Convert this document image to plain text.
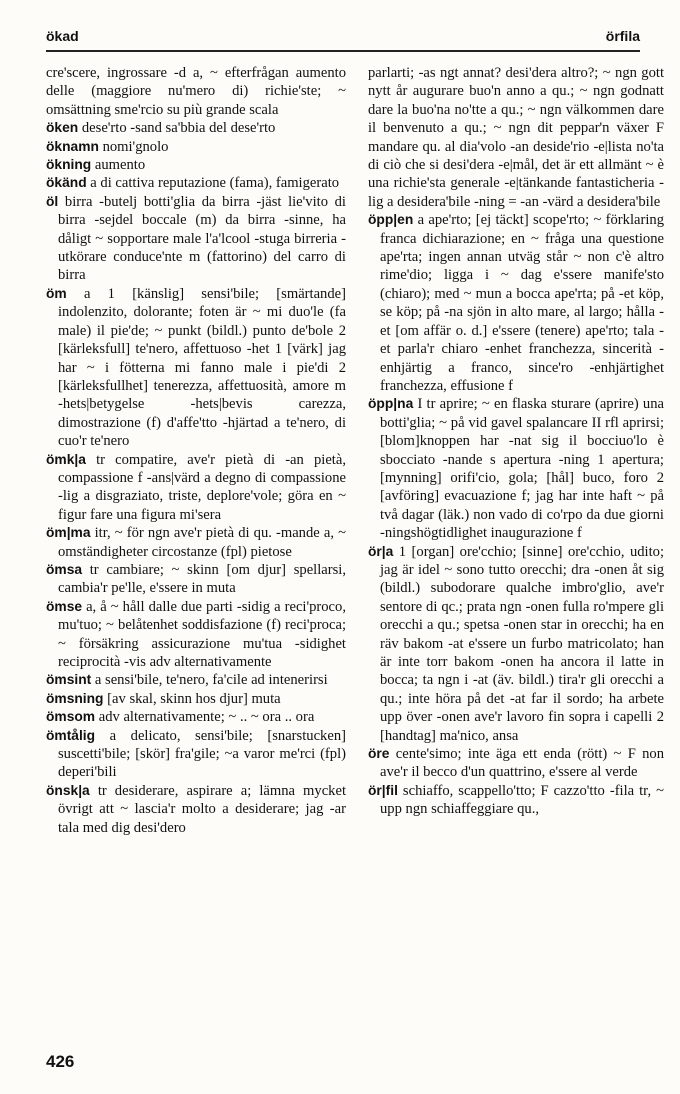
ökad	örfila

cre'scere, ingrossare -d a, ~ efterfrågan aumento delle (maggiore nu'mero di) richie'ste; ~ omsättning sme'rcio su più grande scala

öken dese'rto -sand sa'bbia del dese'rto

öknamn nomi'gnolo

ökning aumento

ökänd a di cattiva reputazione (fama), famigerato

öl birra -butelj botti'glia da birra -jäst lie'vito di birra -sejdel boccale (m) da birra -sinne, ha dåligt ~ sopportare male l'a'lcool -stuga birreria -utkörare conduce'nte m (fattorino) del carro di birra

öm a 1 [känslig] sensi'bile; [smärtande] indolenzito, dolorante; foten är ~ mi duo'le (fa male) il pie'de; ~ punkt (bildl.) punto de'bole 2 [kärleksfull] te'nero, affettuoso -het 1 [värk] jag har ~ i fötterna mi fanno male i pie'di 2 [kärleksfullhet] tenerezza, affettuosità, amore m -hets|betygelse -hets|bevis carezza, dimostrazione (f) d'affe'tto -hjärtad a te'nero, di cuo'r te'nero

ömk|a tr compatire, ave'r pietà di -an pietà, compassione f -ans|värd a degno di compassione -lig a disgraziato, triste, deplore'vole; göra en ~ figur fare una figura mi'sera

öm|ma itr, ~ för ngn ave'r pietà di qu. -mande a, ~ omständigheter circostanze (fpl) pietose

ömsa tr cambiare; ~ skinn [om djur] spellarsi, cambia'r pe'lle, e'ssere in muta

ömse a, å ~ håll dalle due parti -sidig a reci'proco, mu'tuo; ~ belåtenhet soddisfazione (f) reci'proca; ~ försäkring assicurazione mu'tua -sidighet reciprocità -vis adv alternativamente

ömsint a sensi'bile, te'nero, fa'cile ad intenerirsi

ömsning [av skal, skinn hos djur] muta

ömsom adv alternativamente; ~ .. ~ ora .. ora

ömtålig a delicato, sensi'bile; [snarstucken] suscetti'bile; [skör] fra'gile; ~a varor me'rci (fpl) deperi'bili

önsk|a tr desiderare, aspirare a; lämna mycket övrigt att ~ lascia'r molto a desiderare; jag -ar tala med dig desi'dero

parlarti; -as ngt annat? desi'dera altro?; ~ ngn gott nytt år augurare buo'n anno a qu.; ~ ngn godnatt dare la buo'na no'tte a qu.; ~ ngn välkommen dare il benvenuto a qu.; ~ ngn dit peppar'n växer F mandare qu. al dia'volo -an deside'rio -e|lista no'ta di ciò che si desi'dera -e|mål, det är ett allmänt ~ è una richie'sta generale -e|tänkande fantasticheria -lig a desidera'bile -ning = -an -värd a desidera'bile

öpp|en a ape'rto; [ej täckt] scope'rto; ~ förklaring franca dichiarazione; en ~ fråga una questione ape'rta; ingen annan utväg står ~ non c'è altro rime'dio; ligga i ~ dag e'ssere manife'sto (chiaro); med ~ mun a bocca ape'rta; på -et köp, se köp; på -na sjön in alto mare, al largo; hålla -et [om affär o. d.] e'ssere (tenere) ape'rto; tala -et parla'r chiaro -enhet franchezza, sincerità -enhjärtig a franco, since'ro -enhjärtighet franchezza, effusione f

öpp|na I tr aprire; ~ en flaska sturare (aprire) una botti'glia; ~ på vid gavel spalancare II rfl aprirsi; [blom]knoppen har -nat sig il bocciuo'lo è sbocciato -nande s apertura -ning 1 apertura; [mynning] orifi'cio, gola; [hål] buco, foro 2 [avföring] evacuazione f; jag har inte haft ~ på två dagar (läk.) non vado di co'rpo da due giorni -ningshögtidlighet inaugurazione f

ör|a 1 [organ] ore'cchio; [sinne] ore'cchio, udito; jag är idel ~ sono tutto orecchi; dra -onen åt sig (bildl.) subodorare qualche imbro'glio, ave'r sentore di qc.; prata ngn -onen fulla ro'mpere gli orecchi a qu.; spetsa -onen star in orecchi; ha en räv bakom -at e'ssere un furbo matricolato; han är inte torr bakom -onen ha ancora il latte in bocca; ta ngn i -at (äv. bildl.) tira'r gli orecchi a qu.; inte höra på det -at far il sordo; ha arbete upp över -onen ave'r lavoro fin sopra i capelli 2 [handtag] ma'nico, ansa

öre cente'simo; inte äga ett enda (rött) ~ F non ave'r il becco d'un quattrino, e'ssere al verde

ör|fil schiaffo, scappello'tto; F cazzo'tto -fila tr, ~ upp ngn schiaffeggiare qu.,

426
